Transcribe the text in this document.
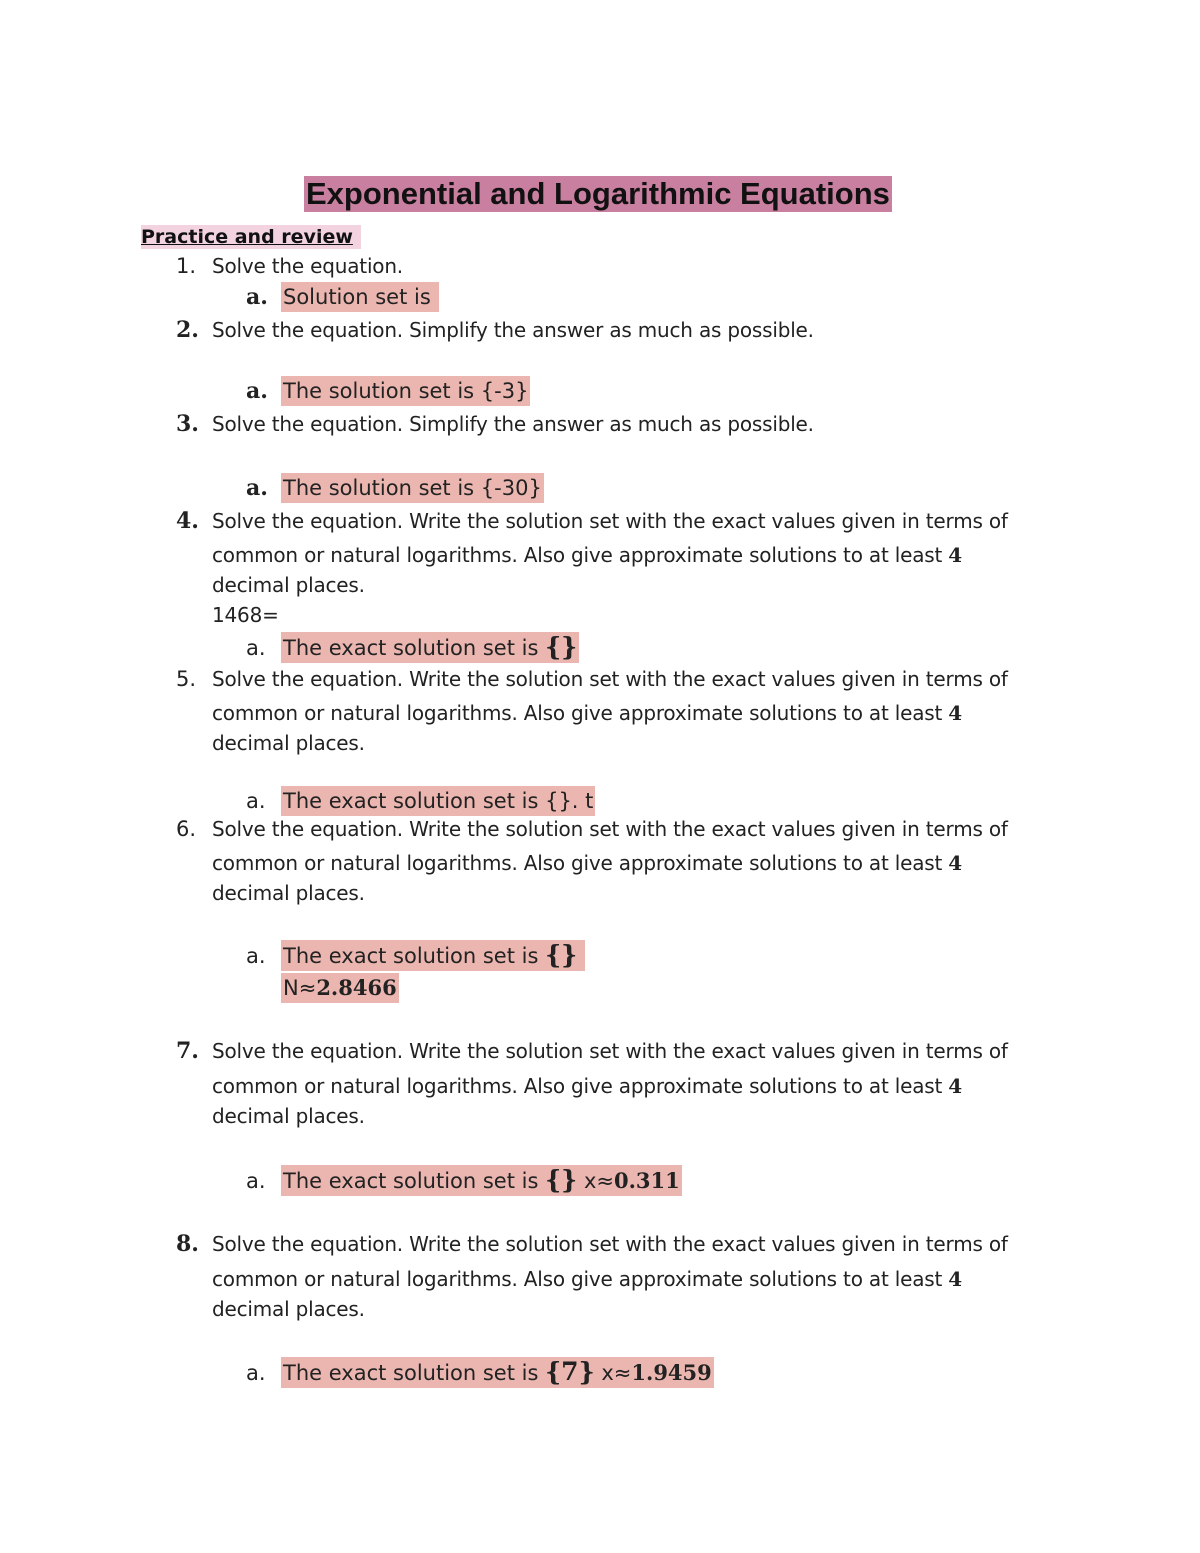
Exponential and Logarithmic Equations
Practice and review
1. Solve the equation.
a. Solution set is
2. Solve the equation. Simplify the answer as much as possible.
a. The solution set is {-3}
3. Solve the equation. Simplify the answer as much as possible.
a. The solution set is {-30}
4. Solve the equation. Write the solution set with the exact values given in terms of
common or natural logarithms. Also give approximate solutions to at least 4
decimal places.
1468=
a. The exact solution set is {}
5. Solve the equation. Write the solution set with the exact values given in terms of
common or natural logarithms. Also give approximate solutions to at least 4
decimal places.
a. The exact solution set is {}. t
6. Solve the equation. Write the solution set with the exact values given in terms of
common or natural logarithms. Also give approximate solutions to at least 4
decimal places.
a. The exact solution set is {}
N≈2.8466
7. Solve the equation. Write the solution set with the exact values given in terms of
common or natural logarithms. Also give approximate solutions to at least 4
decimal places.
a. The exact solution set is {} x≈0.311
8. Solve the equation. Write the solution set with the exact values given in terms of
common or natural logarithms. Also give approximate solutions to at least 4
decimal places.
a. The exact solution set is {7} x≈1.9459
